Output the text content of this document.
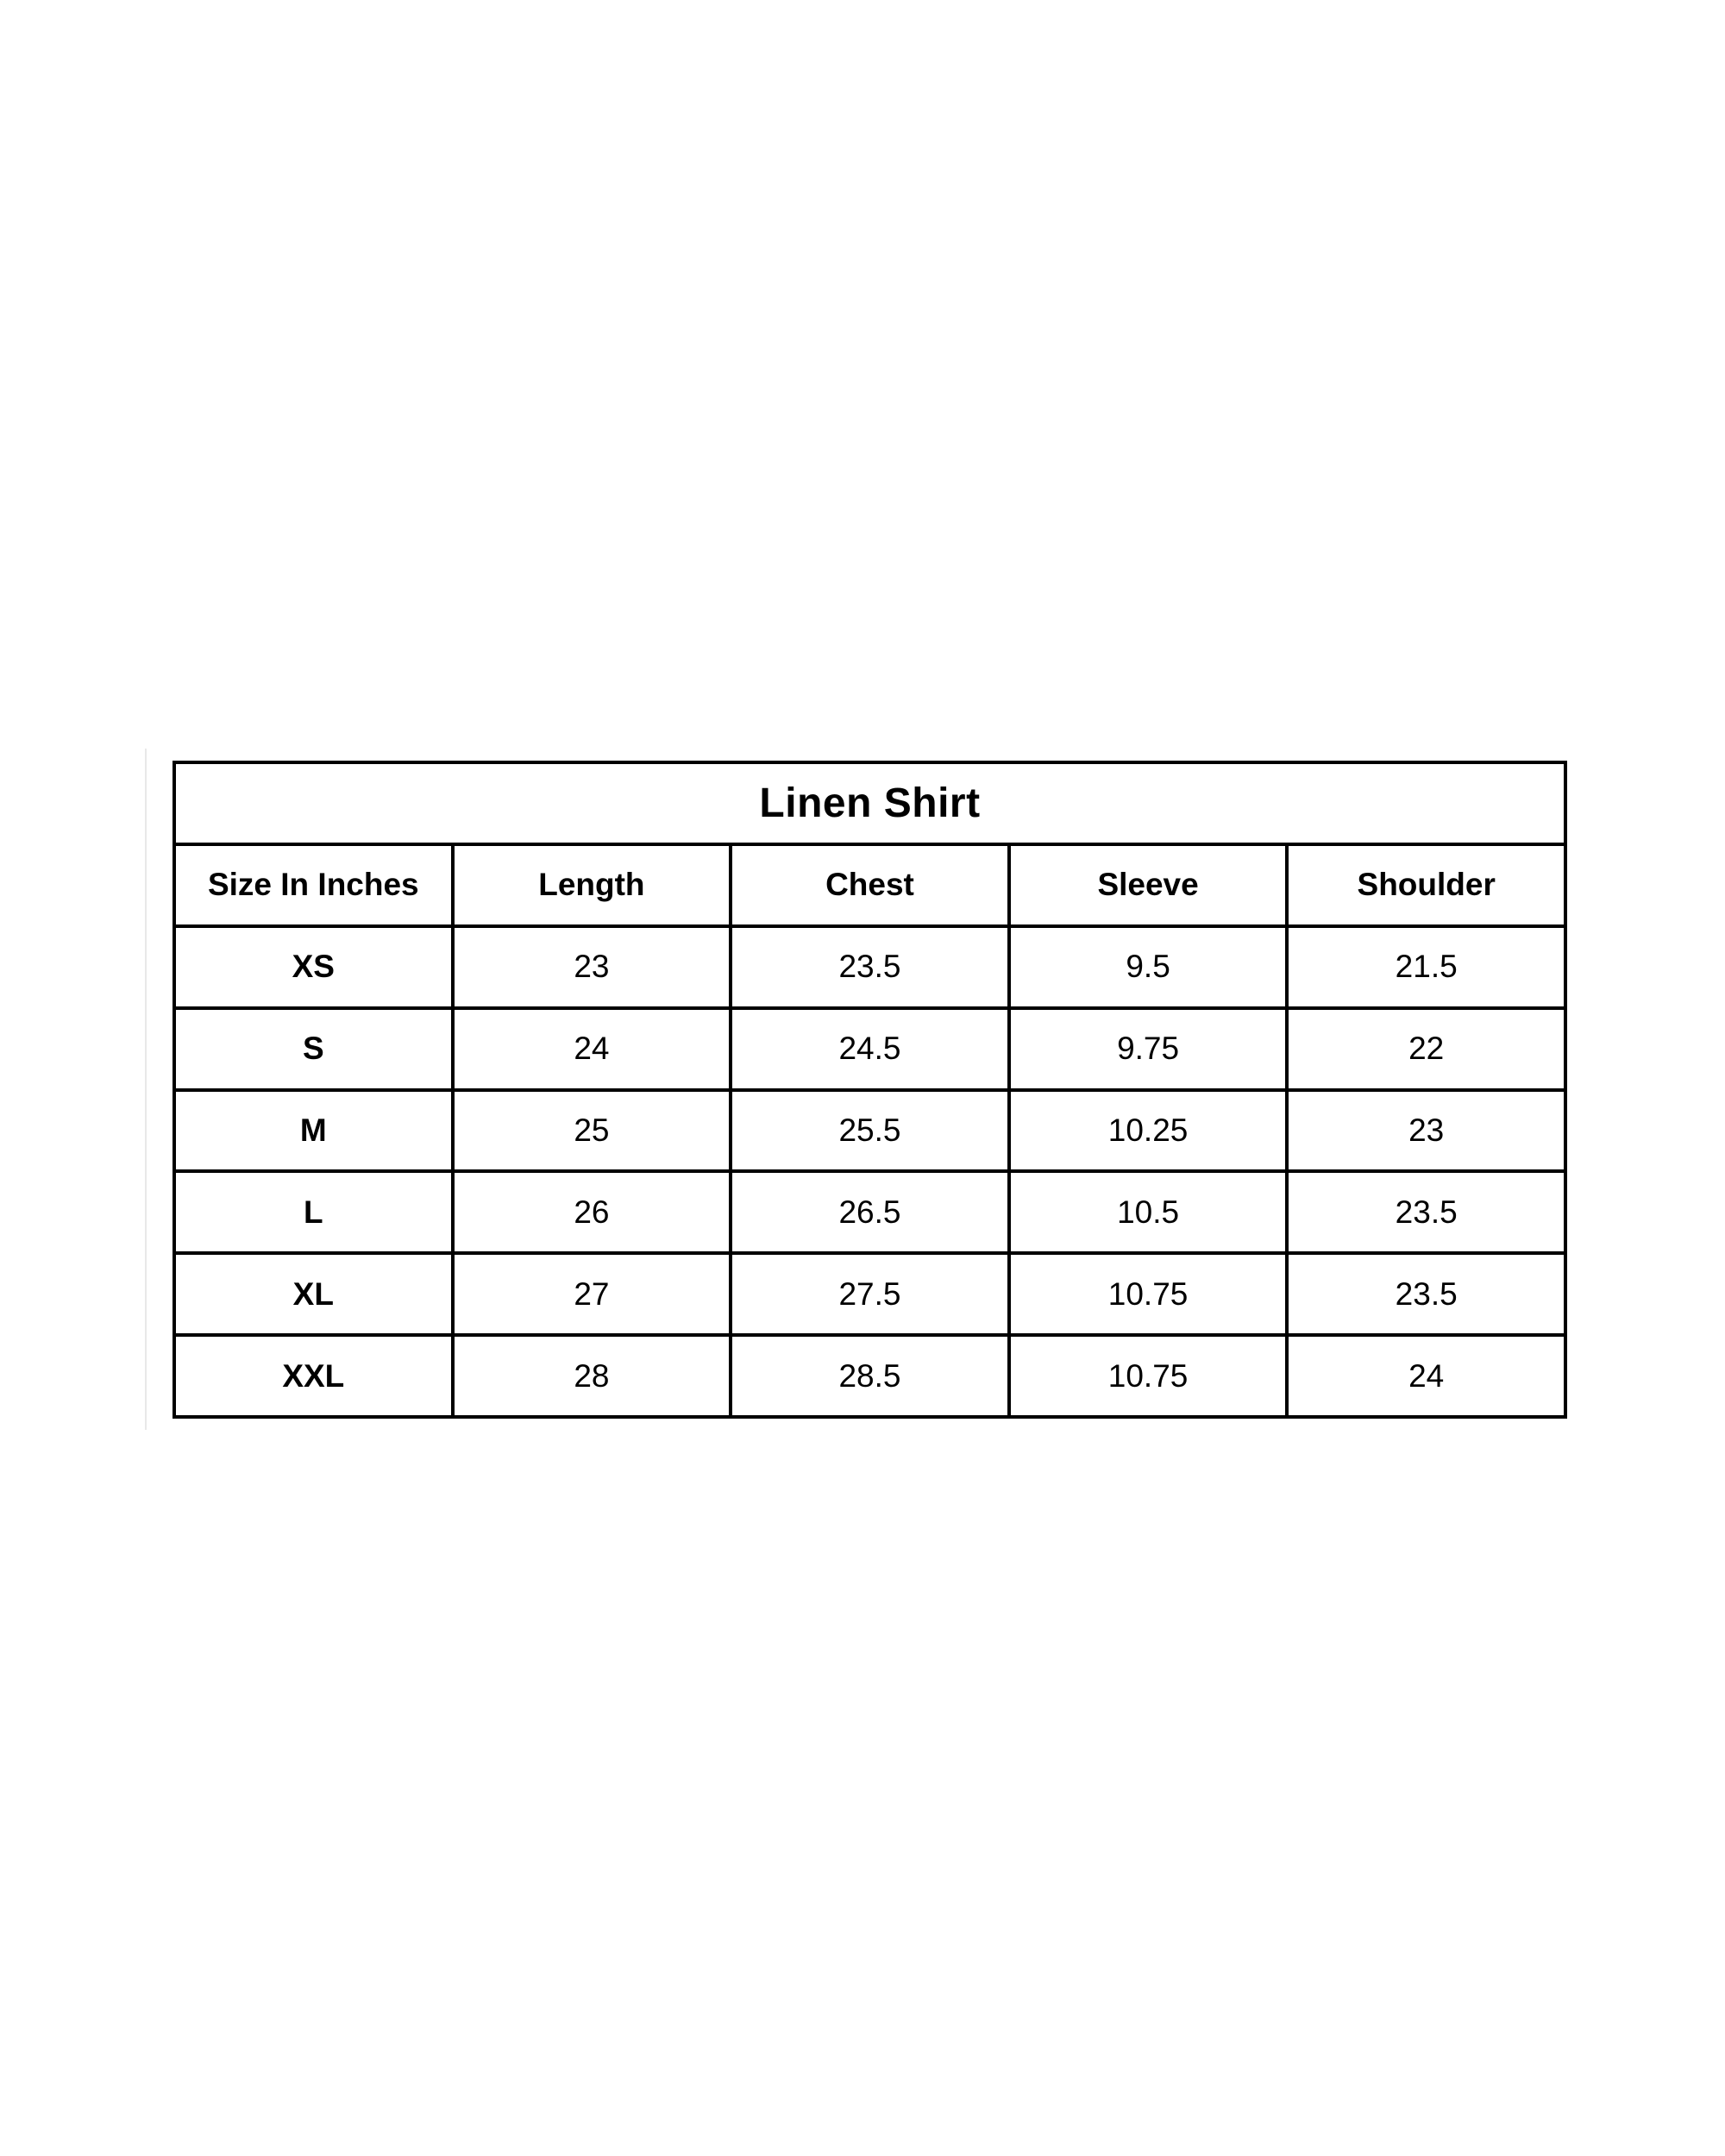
Linen Shirt				
Size In Inches	Length	Chest	Sleeve	Shoulder
XS	23	23.5	9.5	21.5
S	24	24.5	9.75	22
M	25	25.5	10.25	23
L	26	26.5	10.5	23.5
XL	27	27.5	10.75	23.5
XXL	28	28.5	10.75	24
